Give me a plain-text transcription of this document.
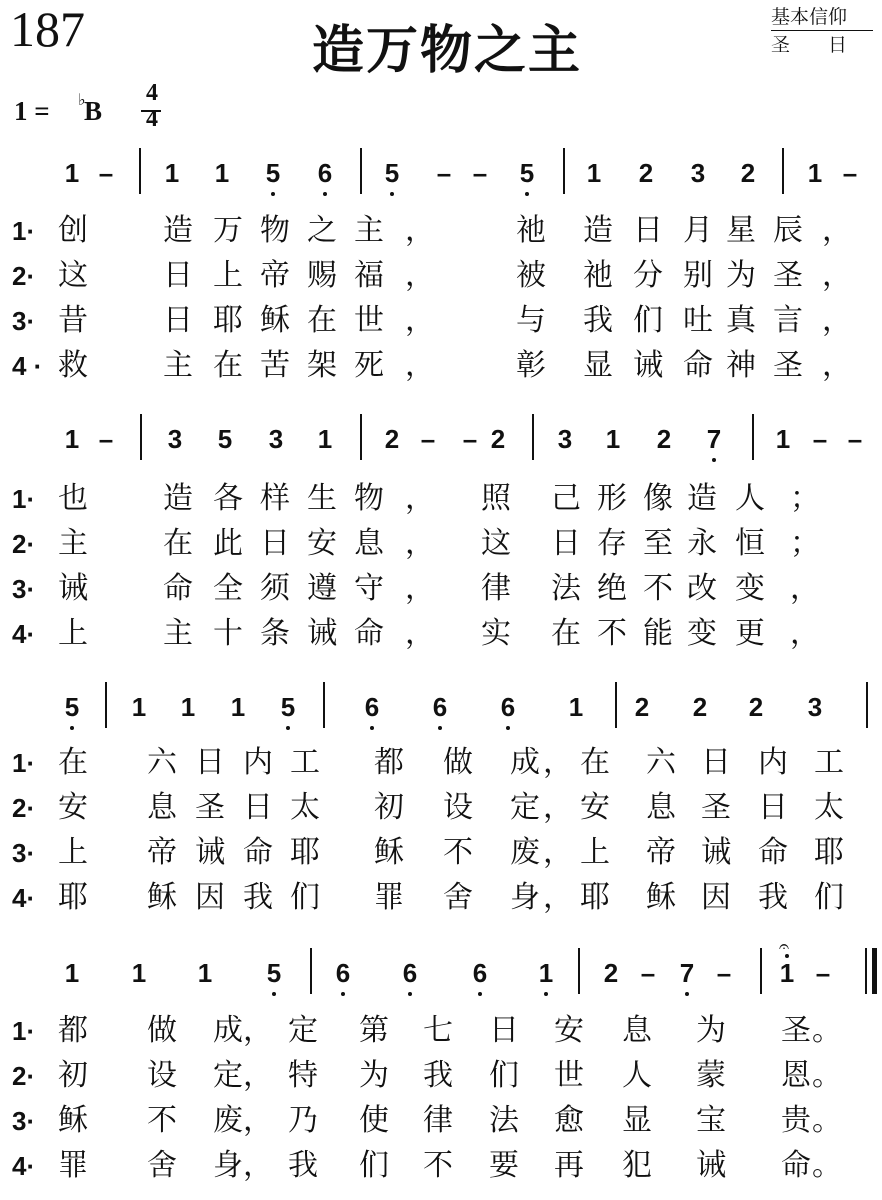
187	造万物之主
基本信仰
圣　　日
1 = ♭
B
4
4
1 – 1 1 5 6 5 – – 5 1 2 3 2 1 –
1· 创	造 万 物 之 主 ，	祂 造 日 月 星 辰 ，
2· 这	日 上 帝 赐 福 ，	被 祂 分 别 为 圣 ，
3· 昔	日 耶 稣 在 世 ，	与 我 们 吐 真 言 ，
4 · 救	主 在 苦 架 死 ，	彰 显 诫 命 神 圣 ，
1 – 3 5 3 1 2 – – 2 3 1 2 7 1 – –
1· 也	造 各 样 生 物 ， 照 己 形 像 造 人 ；
2· 主	在 此 日 安 息 ， 这 日 存 至 永 恒 ；
3· 诫	命 全 须 遵 守 ， 律 法 绝 不 改 变 ，
4· 上	主 十 条 诫 命 ， 实 在 不 能 变 更 ，
5 1 1 1 5	6 6 6 1 2 2 2 3
1· 在 六 日 内 工 都 做 成 ， 在 六 日 内 工
2· 安 息 圣 日 太 初 设 定 ， 安 息 圣 日 太
3· 上 帝 诫 命 耶 稣 不 废 ， 上 帝 诫 命 耶
4· 耶 稣 因 我 们 罪 舍 身 ， 耶 稣 因 我 们
1 1 1 5 6 6 6 1 2 – 7 – 1
𝄐
–
1· 都 做 成 ， 定 第 七 日 安 息 为 圣 。
2· 初 设 定 ， 特 为 我 们 世 人 蒙 恩 。
3· 稣 不 废 ， 乃 使 律 法 愈 显 宝 贵 。
4· 罪 舍 身 ， 我 们 不 要 再 犯 诫 命 。
